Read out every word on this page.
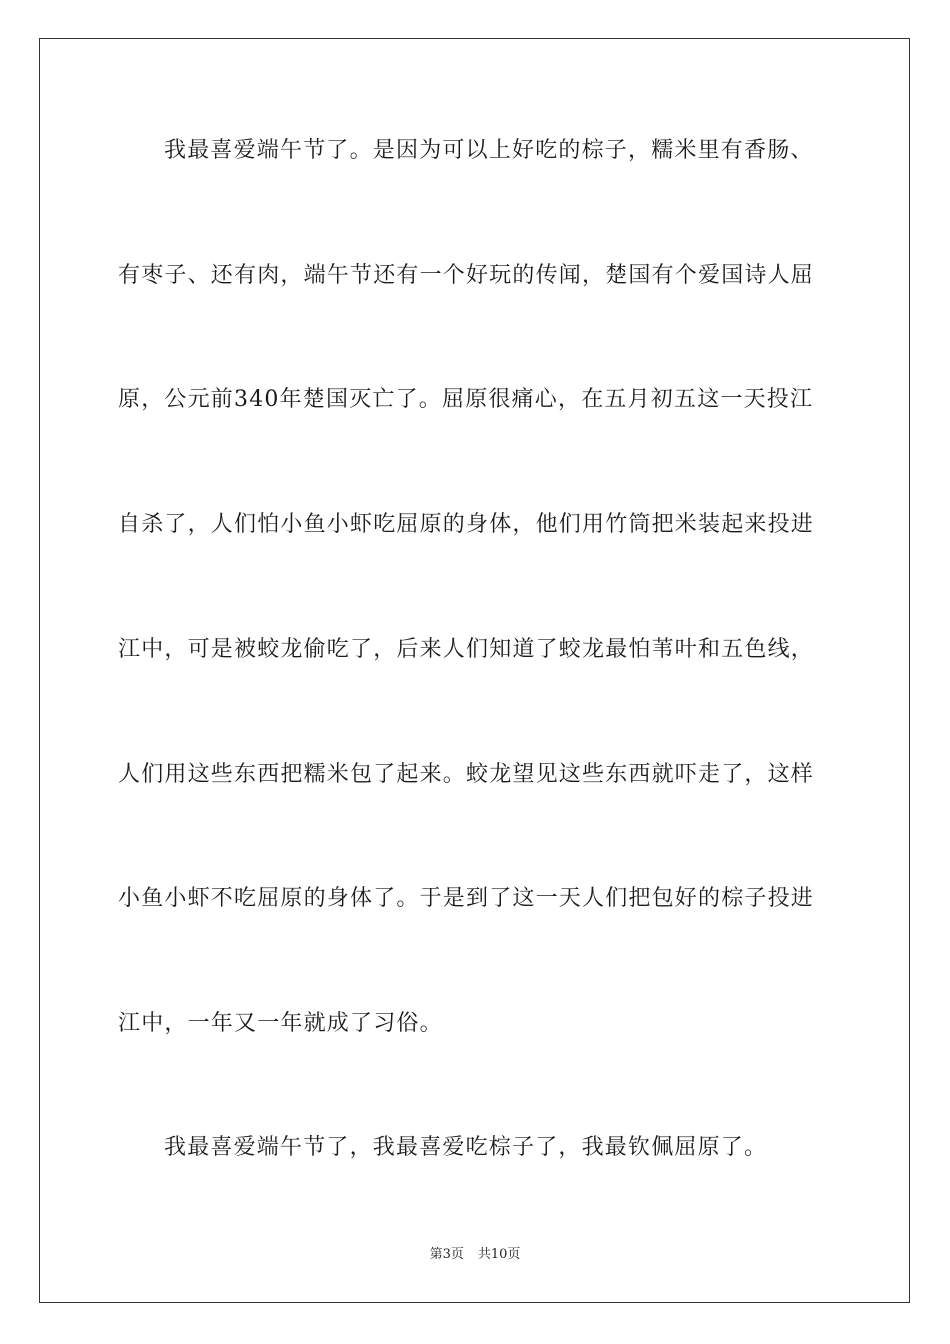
我最喜爱端午节了。是因为可以上好吃的棕子，糯米里有香肠、
有枣子、还有肉，端午节还有一个好玩的传闻，楚国有个爱国诗人屈
原，公元前340年楚国灭亡了。屈原很痛心，在五月初五这一天投江
自杀了，人们怕小鱼小虾吃屈原的身体，他们用竹筒把米装起来投进
江中，可是被蛟龙偷吃了，后来人们知道了蛟龙最怕苇叶和五色线，
人们用这些东西把糯米包了起来。蛟龙望见这些东西就吓走了，这样
小鱼小虾不吃屈原的身体了。于是到了这一天人们把包好的棕子投进
江中，一年又一年就成了习俗。
我最喜爱端午节了，我最喜爱吃棕子了，我最钦佩屈原了。
第3页 共10页
